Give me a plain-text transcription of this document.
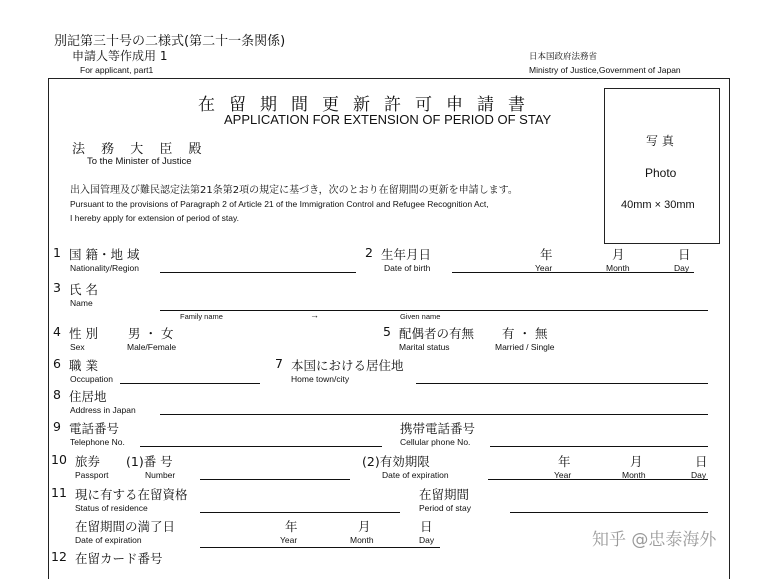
別記第三十号の二様式(第二十一条関係)
申請人等作成用 1
For applicant, part1
日本国政府法務省
Ministry of Justice,Government of Japan
在留期間更新許可申請書
APPLICATION FOR EXTENSION OF PERIOD OF STAY
写 真
Photo
40mm × 30mm
法 務 大 臣 殿
To the Minister of Justice
出入国管理及び難民認定法第21条第2項の規定に基づき，次のとおり在留期間の更新を申請します。
Pursuant to the provisions of Paragraph 2 of Article 21 of the Immigration Control and Refugee Recognition Act,
I hereby apply for extension of period of stay.
1 国 籍・地 域
Nationality/Region
2 生年月日
Date of birth
年
Year
月
Month
日
Day
3 氏 名
Name
Family name	→	Given name
4 性 別
Sex
男 ・ 女
Male/Female
5 配偶者の有無
Marital status
有 ・ 無
Married / Single
6 職 業
Occupation
7 本国における居住地
Home town/city
8 住居地
Address in Japan
9 電話番号
Telephone No.
携帯電話番号
Cellular phone No.
10 旅券
Passport
(1)番 号
Number
(2)有効期限
Date of expiration
年
Year
月
Month
日
Day
11 現に有する在留資格
Status of residence
在留期間
Period of stay
在留期間の満了日
Date of expiration
年
Year
月
Month
日
Day
12 在留カード番号
知乎 @忠泰海外
